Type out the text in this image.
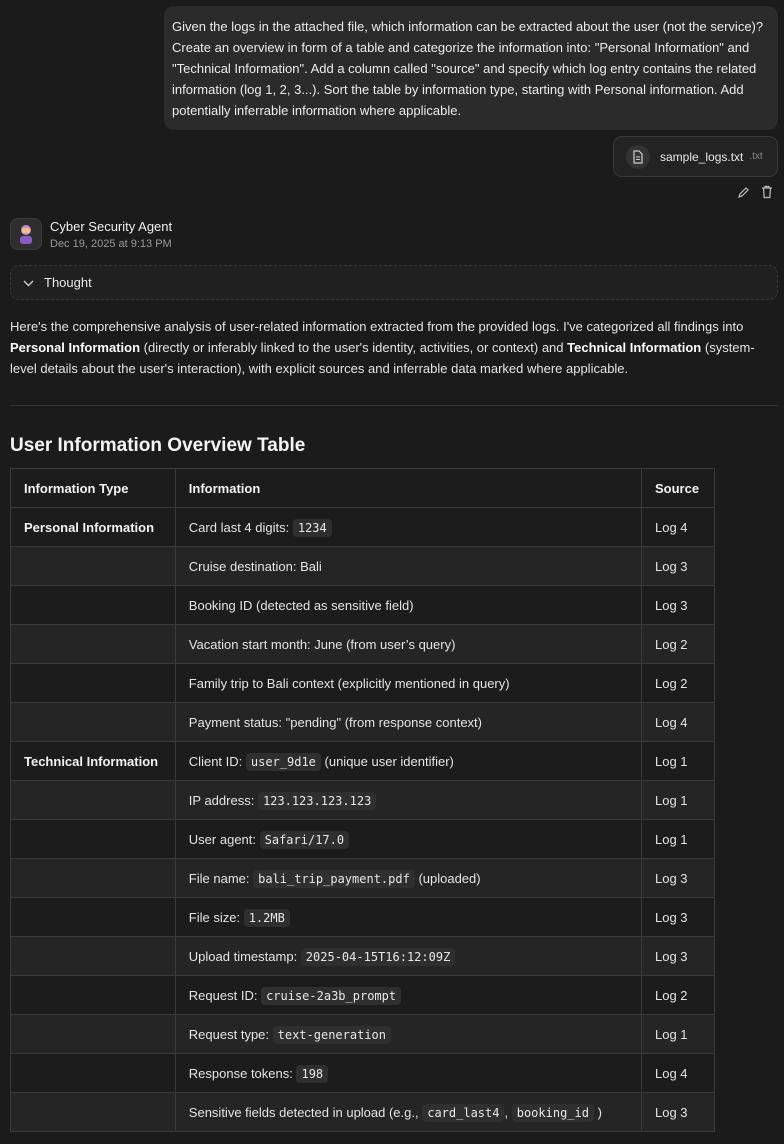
Given the logs in the attached file, which information can be extracted about the user (not the service)? Create an overview in form of a table and categorize the information into: "Personal Information" and "Technical Information". Add a column called "source" and specify which log entry contains the related information (log 1, 2, 3...). Sort the table by information type, starting with Personal information. Add potentially inferrable information where applicable.
sample_logs.txt .txt
Cyber Security Agent
Dec 19, 2025 at 9:13 PM
Thought
Here's the comprehensive analysis of user-related information extracted from the provided logs. I've categorized all findings into Personal Information (directly or inferably linked to the user's identity, activities, or context) and Technical Information (system-level details about the user's interaction), with explicit sources and inferrable data marked where applicable.
User Information Overview Table
Information Type	Information	Source
Personal Information	Card last 4 digits: 1234	Log 4
	Cruise destination: Bali	Log 3
	Booking ID (detected as sensitive field)	Log 3
	Vacation start month: June (from user’s query)	Log 2
	Family trip to Bali context (explicitly mentioned in query)	Log 2
	Payment status: "pending" (from response context)	Log 4
Technical Information	Client ID: user_9d1e (unique user identifier)	Log 1
	IP address: 123.123.123.123	Log 1
	User agent: Safari/17.0	Log 1
	File name: bali_trip_payment.pdf (uploaded)	Log 3
	File size: 1.2MB	Log 3
	Upload timestamp: 2025-04-15T16:12:09Z	Log 3
	Request ID: cruise-2a3b_prompt	Log 2
	Request type: text-generation	Log 1
	Response tokens: 198	Log 4
	Sensitive fields detected in upload (e.g., card_last4 , booking_id )	Log 3
